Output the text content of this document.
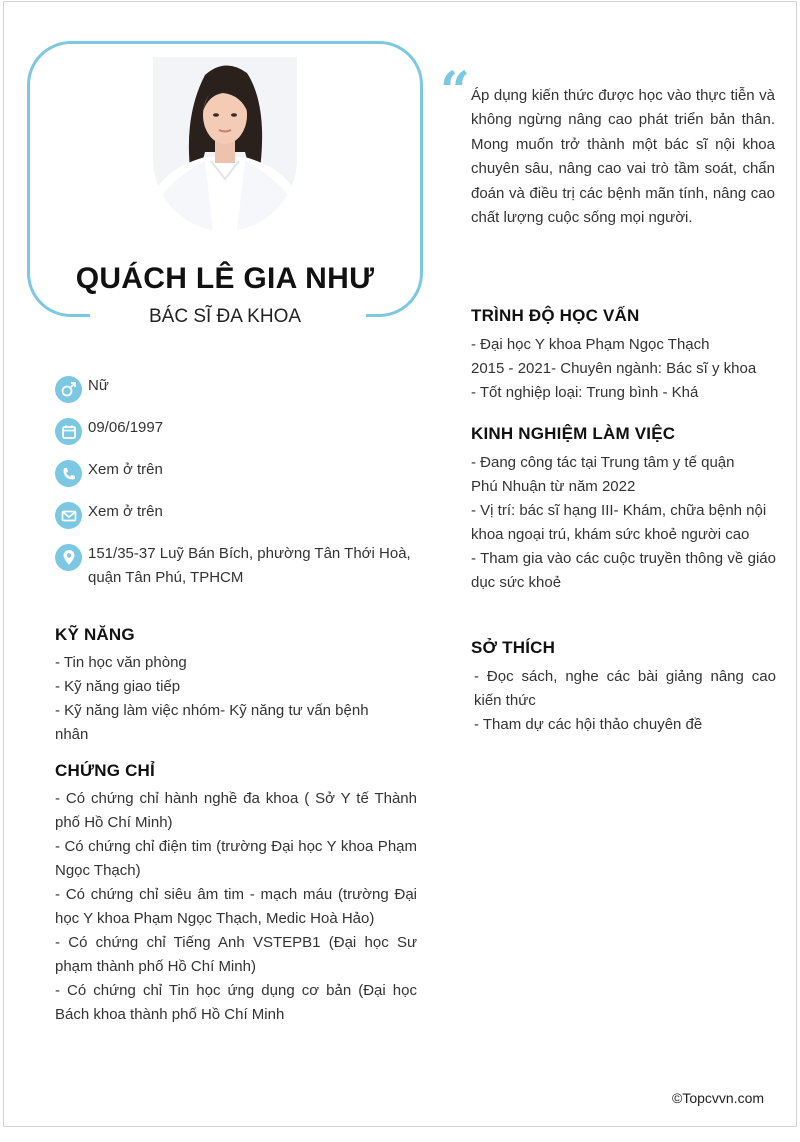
QUÁCH LÊ GIA NHƯ
BÁC SĨ ĐA KHOA
“ Áp dụng kiến thức được học vào thực tiễn và không ngừng nâng cao phát triển bản thân. Mong muốn trở thành một bác sĩ nội khoa chuyên sâu, nâng cao vai trò tầm soát, chẩn đoán và điều trị các bệnh mãn tính, nâng cao chất lượng cuộc sống mọi người.
Nữ
09/06/1997
Xem ở trên
Xem ở trên
151/35-37 Luỹ Bán Bích, phường Tân Thới Hoà, quận Tân Phú, TPHCM
KỸ NĂNG
- Tin học văn phòng
- Kỹ năng giao tiếp
- Kỹ năng làm việc nhóm- Kỹ năng tư vấn bệnh nhân
CHỨNG CHỈ
- Có chứng chỉ hành nghề đa khoa ( Sở Y tế Thành phố Hồ Chí Minh)
- Có chứng chỉ điện tim (trường Đại học Y khoa Phạm Ngọc Thạch)
- Có chứng chỉ siêu âm tim - mạch máu (trường Đại học Y khoa Phạm Ngọc Thạch, Medic Hoà Hảo)
- Có chứng chỉ Tiếng Anh VSTEPB1 (Đại học Sư phạm thành phố Hồ Chí Minh)
- Có chứng chỉ Tin học ứng dụng cơ bản (Đại học Bách khoa thành phố Hồ Chí Minh
TRÌNH ĐỘ HỌC VẤN
- Đại học Y khoa Phạm Ngọc Thạch
2015 - 2021- Chuyên ngành: Bác sĩ y khoa
- Tốt nghiệp loại: Trung bình - Khá
KINH NGHIỆM LÀM VIỆC
- Đang công tác tại Trung tâm y tế quận Phú Nhuận từ năm 2022
- Vị trí: bác sĩ hạng III- Khám, chữa bệnh nội khoa ngoại trú, khám sức khoẻ người cao
- Tham gia vào các cuộc truyền thông về giáo dục sức khoẻ
SỞ THÍCH
- Đọc sách, nghe các bài giảng nâng cao kiến thức
- Tham dự các hội thảo chuyên đề
©Topcvvn.com
